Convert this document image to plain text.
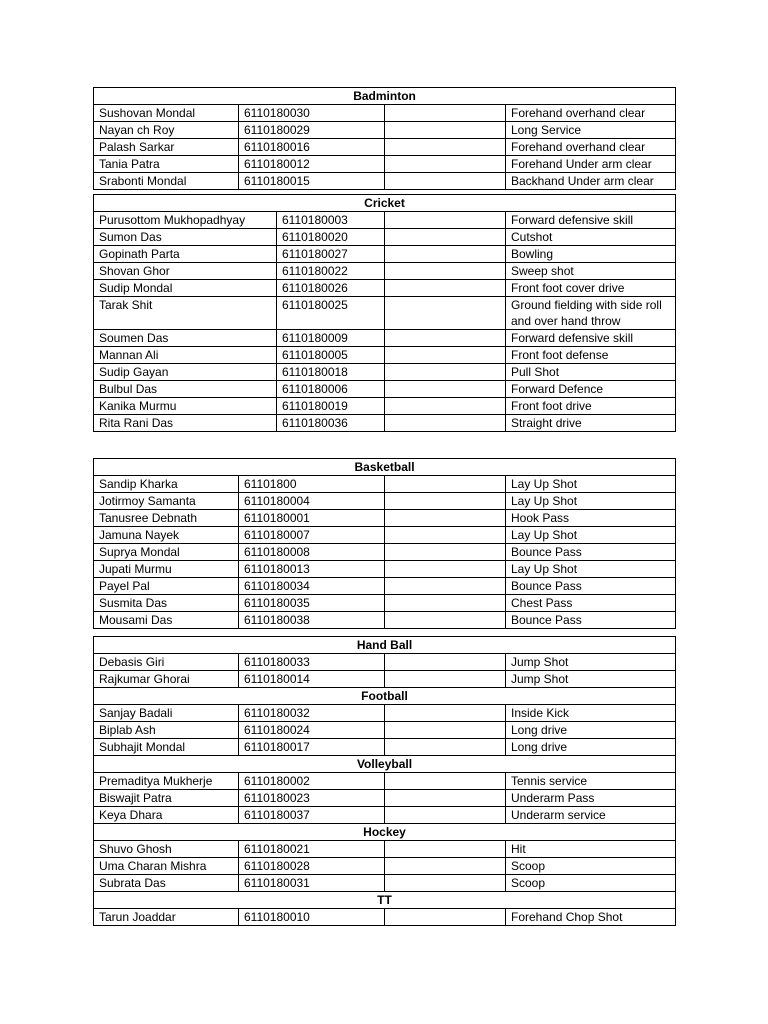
Badminton			
Sushovan Mondal	6110180030		Forehand overhand clear
Nayan ch Roy	6110180029		Long Service
Palash Sarkar	6110180016		Forehand overhand clear
Tania Patra	6110180012		Forehand Under arm clear
Srabonti Mondal	6110180015		Backhand Under arm clear
Cricket			
Purusottom Mukhopadhyay	6110180003		Forward defensive skill
Sumon Das	6110180020		Cutshot
Gopinath Parta	6110180027		Bowling
Shovan Ghor	6110180022		Sweep shot
Sudip Mondal	6110180026		Front foot cover drive
Tarak Shit	6110180025		Ground fielding with side roll and over hand throw
Soumen Das	6110180009		Forward defensive skill
Mannan Ali	6110180005		Front foot defense
Sudip Gayan	6110180018		Pull Shot
Bulbul Das	6110180006		Forward Defence
Kanika Murmu	6110180019		Front foot drive
Rita Rani Das	6110180036		Straight drive
Basketball			
Sandip Kharka	61101800		Lay Up Shot
Jotirmoy Samanta	6110180004		Lay Up Shot
Tanusree Debnath	6110180001		Hook Pass
Jamuna Nayek	6110180007		Lay Up Shot
Suprya Mondal	6110180008		Bounce Pass
Jupati Murmu	6110180013		Lay Up Shot
Payel Pal	6110180034		Bounce Pass
Susmita Das	6110180035		Chest Pass
Mousami Das	6110180038		Bounce Pass
Hand Ball			
Debasis Giri	6110180033		Jump Shot
Rajkumar Ghorai	6110180014		Jump Shot
Football			
Sanjay Badali	6110180032		Inside Kick
Biplab Ash	6110180024		Long drive
Subhajit Mondal	6110180017		Long drive
Volleyball			
Premaditya Mukherje	6110180002		Tennis service
Biswajit Patra	6110180023		Underarm Pass
Keya Dhara	6110180037		Underarm service
Hockey			
Shuvo Ghosh	6110180021		Hit
Uma Charan Mishra	6110180028		Scoop
Subrata Das	6110180031		Scoop
TT			
Tarun Joaddar	6110180010		Forehand Chop Shot
